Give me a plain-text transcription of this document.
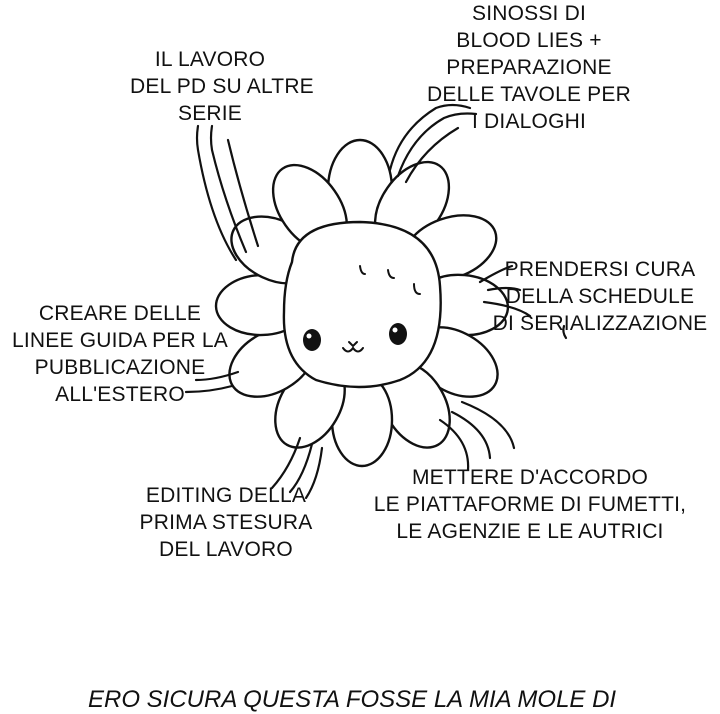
IL LAVORO
DEL PD SU ALTRE
SERIE
SINOSSI DI
BLOOD LIES +
PREPARAZIONE
DELLE TAVOLE PER
I DIALOGHI
PRENDERSI CURA
DELLA SCHEDULE
DI SERIALIZZAZIONE
CREARE DELLE
LINEE GUIDA PER LA
PUBBLICAZIONE
ALL'ESTERO
EDITING DELLA
PRIMA STESURA
DEL LAVORO
METTERE D'ACCORDO
LE PIATTAFORME DI FUMETTI,
LE AGENZIE E LE AUTRICI
ERO SICURA QUESTA FOSSE LA MIA MOLE DI
